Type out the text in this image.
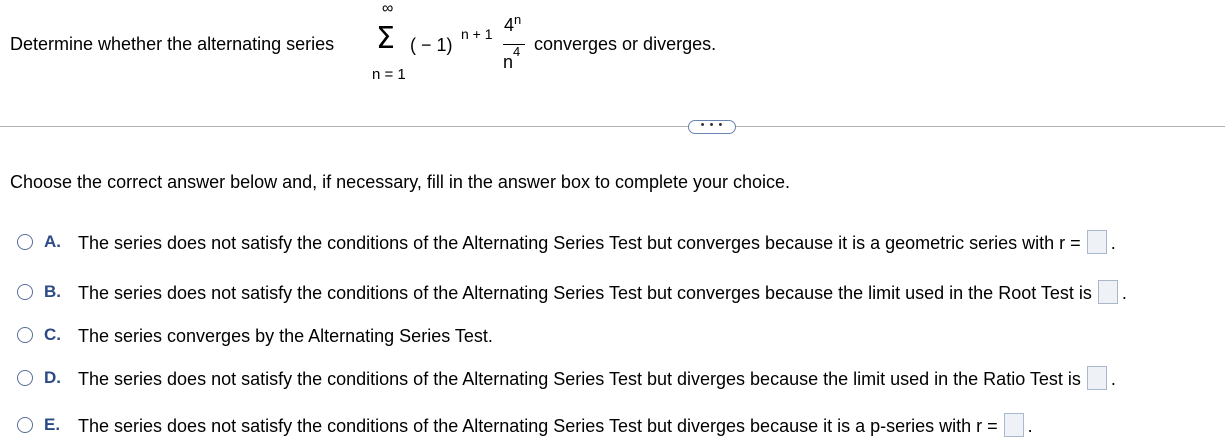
Determine whether the alternating series
∞
Σ
n = 1
( − 1)
n + 1 4$^n$
n
4 converges or diverges.
• • •
Choose the correct answer below and, if necessary, fill in the answer box to complete your choice.
A. The series does not satisfy the conditions of the Alternating Series Test but converges because it is a geometric series with r = .
B. The series does not satisfy the conditions of the Alternating Series Test but converges because the limit used in the Root Test is .
C. The series converges by the Alternating Series Test.
D. The series does not satisfy the conditions of the Alternating Series Test but diverges because the limit used in the Ratio Test is .
E. The series does not satisfy the conditions of the Alternating Series Test but diverges because it is a p-series with r = .
